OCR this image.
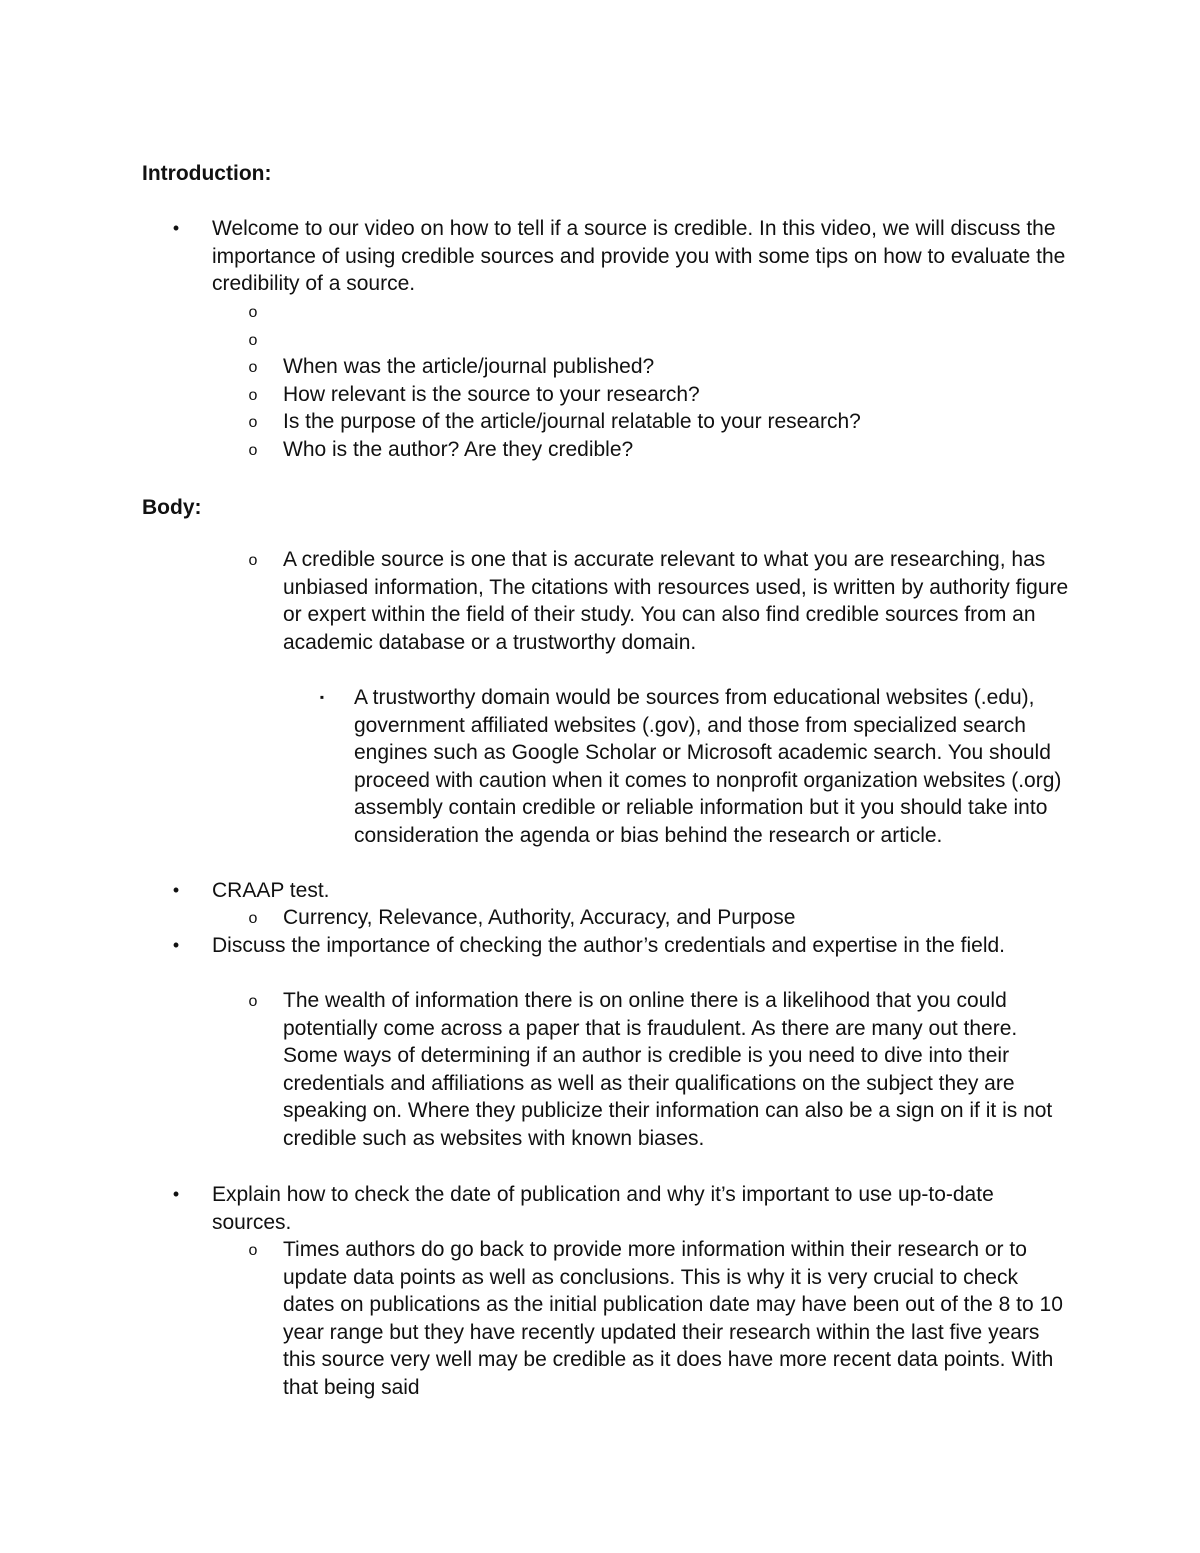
Introduction:
•	Welcome to our video on how to tell if a source is credible. In this video, we will discuss the importance of using credible sources and provide you with some tips on how to evaluate the credibility of a source.
o
o
o When was the article/journal published?
o How relevant is the source to your research?
o Is the purpose of the article/journal relatable to your research?
o Who is the author? Are they credible?
Body:
o A credible source is one that is accurate relevant to what you are researching, has unbiased information, The citations with resources used, is written by authority figure or expert within the field of their study. You can also find credible sources from an academic database or a trustworthy domain.
▪	A trustworthy domain would be sources from educational websites (.edu), government affiliated websites (.gov), and those from specialized search engines such as Google Scholar or Microsoft academic search. You should proceed with caution when it comes to nonprofit organization websites (.org) assembly contain credible or reliable information but it you should take into consideration the agenda or bias behind the research or article.
•	CRAAP test.
o Currency, Relevance, Authority, Accuracy, and Purpose
•	Discuss the importance of checking the author’s credentials and expertise in the field.
o The wealth of information there is on online there is a likelihood that you could potentially come across a paper that is fraudulent. As there are many out there. Some ways of determining if an author is credible is you need to dive into their credentials and affiliations as well as their qualifications on the subject they are speaking on. Where they publicize their information can also be a sign on if it is not credible such as websites with known biases.
•	Explain how to check the date of publication and why it’s important to use up-to-date sources.
o Times authors do go back to provide more information within their research or to update data points as well as conclusions. This is why it is very crucial to check dates on publications as the initial publication date may have been out of the 8 to 10 year range but they have recently updated their research within the last five years this source very well may be credible as it does have more recent data points. With that being said
